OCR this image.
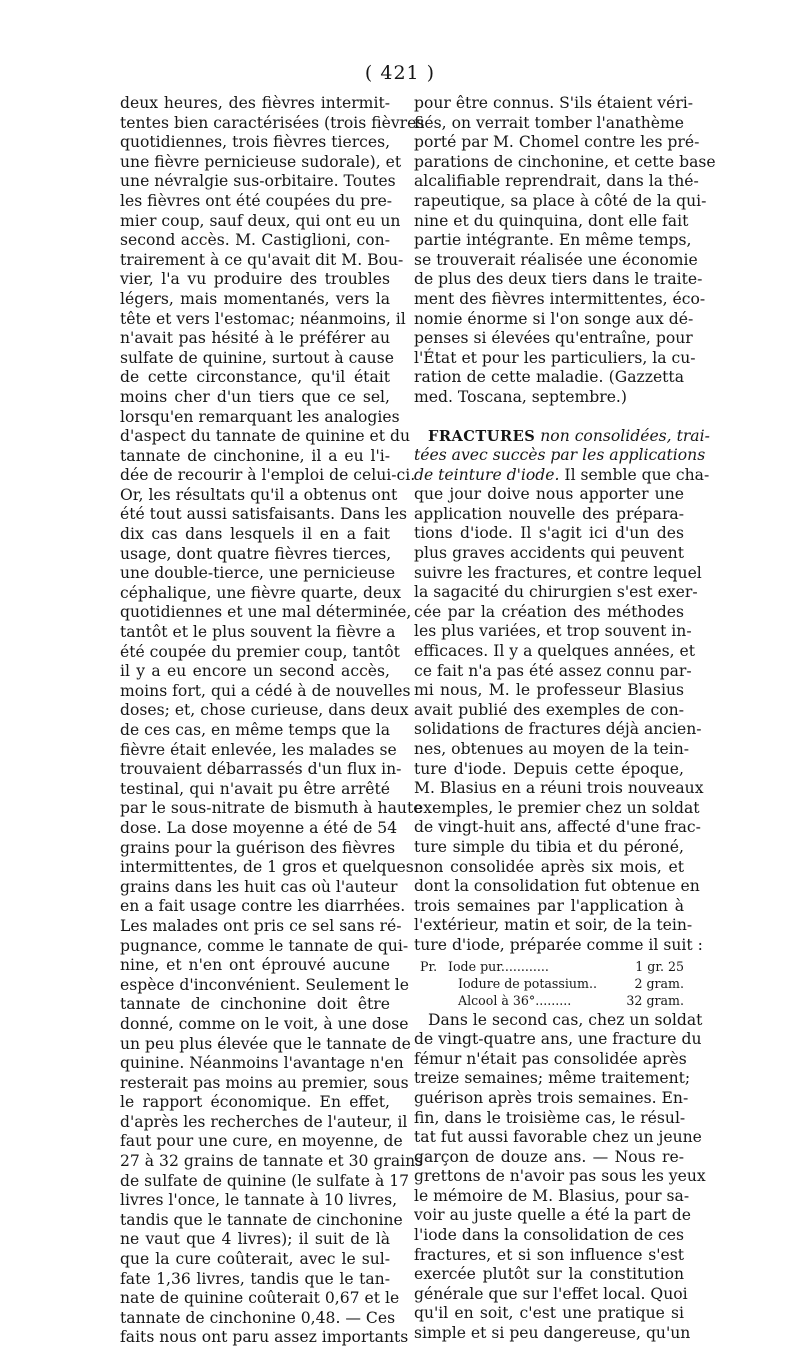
( 421 )
deux heures, des fièvres intermit-
tentes bien caractérisées (trois fièvres
quotidiennes, trois fièvres tierces,
une fièvre pernicieuse sudorale), et
une névralgie sus-orbitaire. Toutes
les fièvres ont été coupées du pre-
mier coup, sauf deux, qui ont eu un
second accès. M. Castiglioni, con-
trairement à ce qu'avait dit M. Bou-
vier, l'a vu produire des troubles
légers, mais momentanés, vers la
tête et vers l'estomac; néanmoins, il
n'avait pas hésité à le préférer au
sulfate de quinine, surtout à cause
de cette circonstance, qu'il était
moins cher d'un tiers que ce sel,
lorsqu'en remarquant les analogies
d'aspect du tannate de quinine et du
tannate de cinchonine, il a eu l'i-
dée de recourir à l'emploi de celui-ci.
Or, les résultats qu'il a obtenus ont
été tout aussi satisfaisants. Dans les
dix cas dans lesquels il en a fait
usage, dont quatre fièvres tierces,
une double-tierce, une pernicieuse
céphalique, une fièvre quarte, deux
quotidiennes et une mal déterminée,
tantôt et le plus souvent la fièvre a
été coupée du premier coup, tantôt
il y a eu encore un second accès,
moins fort, qui a cédé à de nouvelles
doses; et, chose curieuse, dans deux
de ces cas, en même temps que la
fièvre était enlevée, les malades se
trouvaient débarrassés d'un flux in-
testinal, qui n'avait pu être arrêté
par le sous-nitrate de bismuth à haute
dose. La dose moyenne a été de 54
grains pour la guérison des fièvres
intermittentes, de 1 gros et quelques
grains dans les huit cas où l'auteur
en a fait usage contre les diarrhées.
Les malades ont pris ce sel sans ré-
pugnance, comme le tannate de qui-
nine, et n'en ont éprouvé aucune
espèce d'inconvénient. Seulement le
tannate de cinchonine doit être
donné, comme on le voit, à une dose
un peu plus élevée que le tannate de
quinine. Néanmoins l'avantage n'en
resterait pas moins au premier, sous
le rapport économique. En effet,
d'après les recherches de l'auteur, il
faut pour une cure, en moyenne, de
27 à 32 grains de tannate et 30 grains
de sulfate de quinine (le sulfate à 17
livres l'once, le tannate à 10 livres,
tandis que le tannate de cinchonine
ne vaut que 4 livres); il suit de là
que la cure coûterait, avec le sul-
fate 1,36 livres, tandis que le tan-
nate de quinine coûterait 0,67 et le
tannate de cinchonine 0,48. — Ces
faits nous ont paru assez importants
pour être connus. S'ils étaient véri-
fiés, on verrait tomber l'anathème
porté par M. Chomel contre les pré-
parations de cinchonine, et cette base
alcalifiable reprendrait, dans la thé-
rapeutique, sa place à côté de la qui-
nine et du quinquina, dont elle fait
partie intégrante. En même temps,
se trouverait réalisée une économie
de plus des deux tiers dans le traite-
ment des fièvres intermittentes, éco-
nomie énorme si l'on songe aux dé-
penses si élevées qu'entraîne, pour
l'État et pour les particuliers, la cu-
ration de cette maladie. (Gazzetta
med. Toscana, septembre.)
FRACTURES non consolidées, trai-
tées avec succès par les applications
de teinture d'iode. Il semble que cha-
que jour doive nous apporter une
application nouvelle des prépara-
tions d'iode. Il s'agit ici d'un des
plus graves accidents qui peuvent
suivre les fractures, et contre lequel
la sagacité du chirurgien s'est exer-
cée par la création des méthodes
les plus variées, et trop souvent in-
efficaces. Il y a quelques années, et
ce fait n'a pas été assez connu par-
mi nous, M. le professeur Blasius
avait publié des exemples de con-
solidations de fractures déjà ancien-
nes, obtenues au moyen de la tein-
ture d'iode. Depuis cette époque,
M. Blasius en a réuni trois nouveaux
exemples, le premier chez un soldat
de vingt-huit ans, affecté d'une frac-
ture simple du tibia et du péroné,
non consolidée après six mois, et
dont la consolidation fut obtenue en
trois semaines par l'application à
l'extérieur, matin et soir, de la tein-
ture d'iode, préparée comme il suit :
Pr. Iode pur............	1 gr. 25
Iodure de potassium..	2 gram.
Alcool à 36°.........	32 gram.
Dans le second cas, chez un soldat
de vingt-quatre ans, une fracture du
fémur n'était pas consolidée après
treize semaines; même traitement;
guérison après trois semaines. En-
fin, dans le troisième cas, le résul-
tat fut aussi favorable chez un jeune
garçon de douze ans. — Nous re-
grettons de n'avoir pas sous les yeux
le mémoire de M. Blasius, pour sa-
voir au juste quelle a été la part de
l'iode dans la consolidation de ces
fractures, et si son influence s'est
exercée plutôt sur la constitution
générale que sur l'effet local. Quoi
qu'il en soit, c'est une pratique si
simple et si peu dangereuse, qu'un
